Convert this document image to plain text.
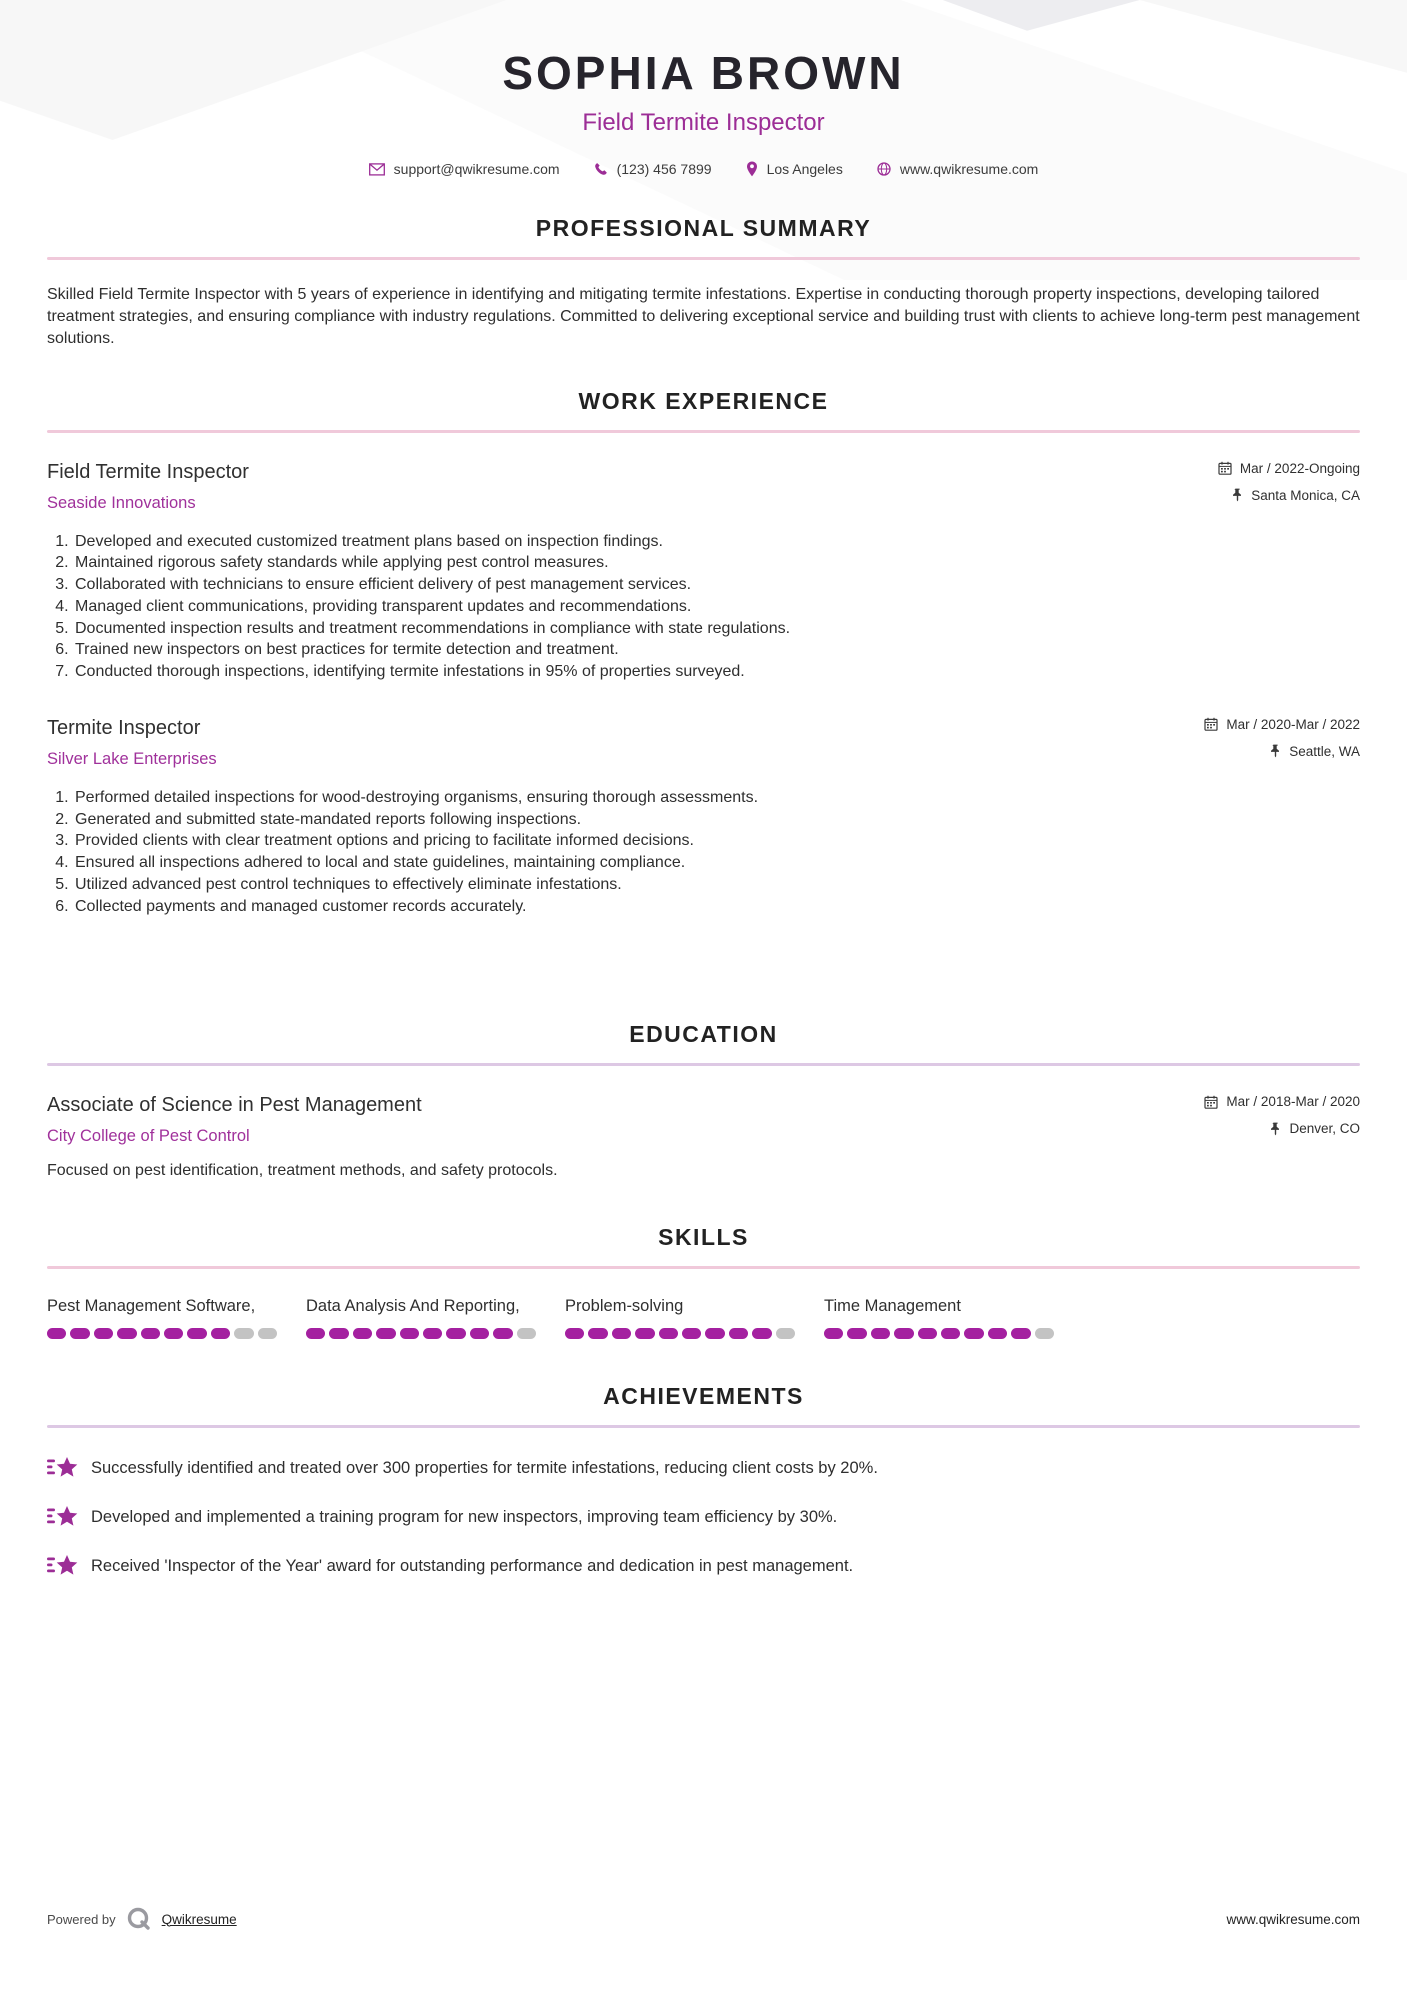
SOPHIA BROWN
Field Termite Inspector
support@qwikresume.com	(123) 456 7899	Los Angeles	www.qwikresume.com
PROFESSIONAL SUMMARY

Skilled Field Termite Inspector with 5 years of experience in identifying and mitigating termite infestations. Expertise in conducting thorough property inspections, developing tailored treatment strategies, and ensuring compliance with industry regulations. Committed to delivering exceptional service and building trust with clients to achieve long-term pest management solutions.

WORK EXPERIENCE
Field Termite Inspector
Seaside Innovations
Mar / 2022-Ongoing
Santa Monica, CA
1. Developed and executed customized treatment plans based on inspection findings.
2. Maintained rigorous safety standards while applying pest control measures.
3. Collaborated with technicians to ensure efficient delivery of pest management services.
4. Managed client communications, providing transparent updates and recommendations.
5. Documented inspection results and treatment recommendations in compliance with state regulations.
6. Trained new inspectors on best practices for termite detection and treatment.
7. Conducted thorough inspections, identifying termite infestations in 95% of properties surveyed.
Termite Inspector
Silver Lake Enterprises
Mar / 2020-Mar / 2022
Seattle, WA
1. Performed detailed inspections for wood-destroying organisms, ensuring thorough assessments.
2. Generated and submitted state-mandated reports following inspections.
3. Provided clients with clear treatment options and pricing to facilitate informed decisions.
4. Ensured all inspections adhered to local and state guidelines, maintaining compliance.
5. Utilized advanced pest control techniques to effectively eliminate infestations.
6. Collected payments and managed customer records accurately.
EDUCATION
Associate of Science in Pest Management
City College of Pest Control
Mar / 2018-Mar / 2020
Denver, CO
Focused on pest identification, treatment methods, and safety protocols.
SKILLS
Pest Management Software,	Data Analysis And Reporting,	Problem-solving	Time Management
ACHIEVEMENTS
Successfully identified and treated over 300 properties for termite infestations, reducing client costs by 20%.
Developed and implemented a training program for new inspectors, improving team efficiency by 30%.
Received 'Inspector of the Year' award for outstanding performance and dedication in pest management.
Powered by	Qwikresume	www.qwikresume.com
